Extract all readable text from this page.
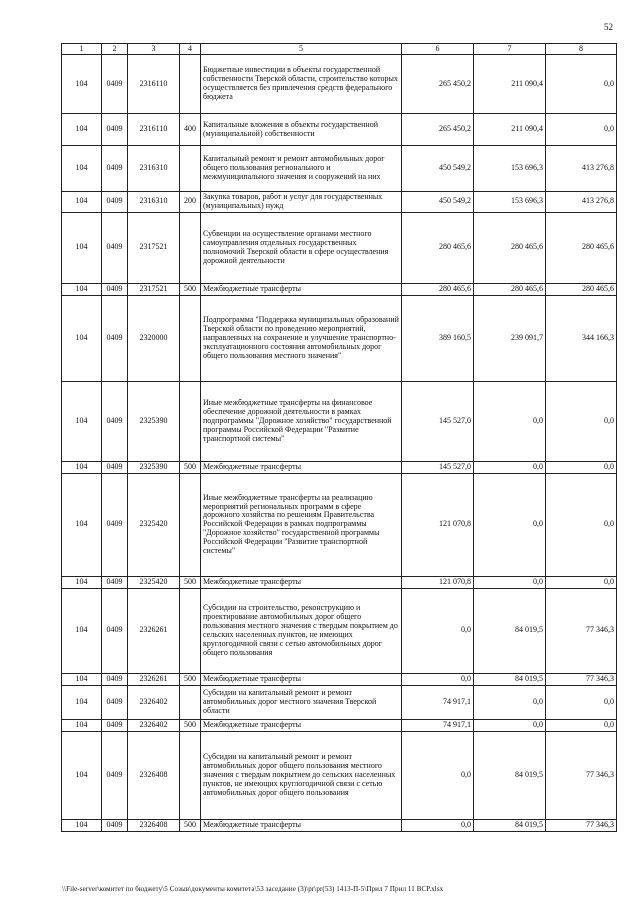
52
1	2	3	4	5	6	7	8
104	0409	2316110		Бюджетные инвестиции в объекты государственной собственности Тверской области, строительство которых осуществляется без привлечения средств федерального бюджета	265 450,2	211 090,4	0,0
104	0409	2316110	400	Капитальные вложения в объекты государственной (муниципальной) собственности	265 450,2	211 090,4	0,0
104	0409	2316310		Капитальный ремонт и ремонт автомобильных дорог общего пользования регионального и межмуниципального значения и сооружений на них	450 549,2	153 696,3	413 276,8
104	0409	2316310	200	Закупка товаров, работ и услуг для государственных (муниципальных) нужд	450 549,2	153 696,3	413 276,8
104	0409	2317521		Субвенции на осуществление органами местного самоуправления отдельных государственных полномочий Тверской области в сфере осуществления дорожной деятельности	280 465,6	280 465,6	280 465,6
104	0409	2317521	500	Межбюджетные трансферты	280 465,6	280 465,6	280 465,6
104	0409	2320000		Подпрограмма "Поддержка муниципальных образований Тверской области по проведению мероприятий, направленных на сохранение и улучшение транспортно-эксплуатационного состояния автомобильных дорог общего пользования местного значения"	389 160,5	239 091,7	344 166,3
104	0409	2325390		Иные межбюджетные трансферты на финансовое обеспечение дорожной деятельности в рамках подпрограммы "Дорожное хозяйство" государственной программы Российской Федерации "Развитие транспортной системы"	145 527,0	0,0	0,0
104	0409	2325390	500	Межбюджетные трансферты	145 527,0	0,0	0,0
104	0409	2325420		Иные межбюджетные трансферты на реализацию мероприятий региональных программ в сфере дорожного хозяйства по решениям Правительства Российской Федерации в рамках подпрограммы "Дорожное хозяйство" государственной программы Российской Федерации "Развитие транспортной системы"	121 070,8	0,0	0,0
104	0409	2325420	500	Межбюджетные трансферты	121 070,8	0,0	0,0
104	0409	2326261		Субсидии на строительство, реконструкцию и проектирование автомобильных дорог общего пользования местного значения с твердым покрытием до сельских населенных пунктов, не имеющих круглогодичной связи с сетью автомобильных дорог общего пользования	0,0	84 019,5	77 346,3
104	0409	2326261	500	Межбюджетные трансферты	0,0	84 019,5	77 346,3
104	0409	2326402		Субсидии на капитальный ремонт и ремонт автомобильных дорог местного значения Тверской области	74 917,1	0,0	0,0
104	0409	2326402	500	Межбюджетные трансферты	74 917,1	0,0	0,0
104	0409	2326408		Субсидии на капитальный ремонт и ремонт автомобильных дорог общего пользования местного значения с твердым покрытием до сельских населенных пунктов, не имеющих круглогодичной связи с сетью автомобильных дорог общего пользования	0,0	84 019,5	77 346,3
104	0409	2326408	500	Межбюджетные трансферты	0,0	84 019,5	77 346,3
\\File-server\комитет по бюджету\5 Созыв\документы комитета\53 заседание (3)\pr\pr(53) 1413-П-5\Прил 7 Прил 11 ВСР.xlsx
